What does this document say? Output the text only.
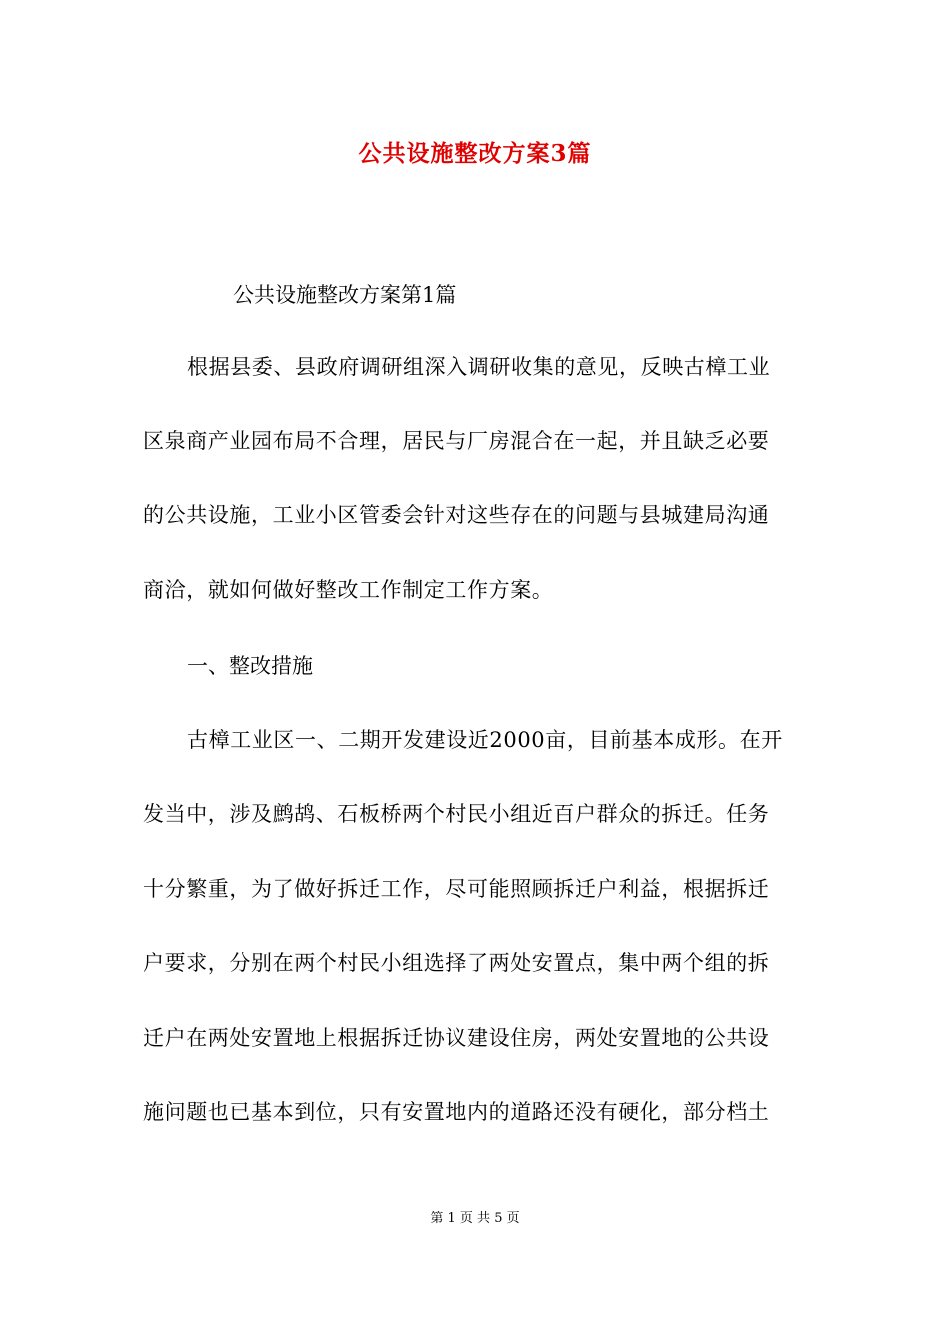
公共设施整改方案3篇
公共设施整改方案第1篇
根据县委、县政府调研组深入调研收集的意见，反映古樟工业
区泉商产业园布局不合理，居民与厂房混合在一起，并且缺乏必要
的公共设施，工业小区管委会针对这些存在的问题与县城建局沟通
商洽，就如何做好整改工作制定工作方案。
一、整改措施
古樟工业区一、二期开发建设近2000亩，目前基本成形。在开
发当中，涉及鹧鸪、石板桥两个村民小组近百户群众的拆迁。任务
十分繁重，为了做好拆迁工作，尽可能照顾拆迁户利益，根据拆迁
户要求，分别在两个村民小组选择了两处安置点，集中两个组的拆
迁户在两处安置地上根据拆迁协议建设住房，两处安置地的公共设
施问题也已基本到位，只有安置地内的道路还没有硬化，部分档土
第 1 页 共 5 页
